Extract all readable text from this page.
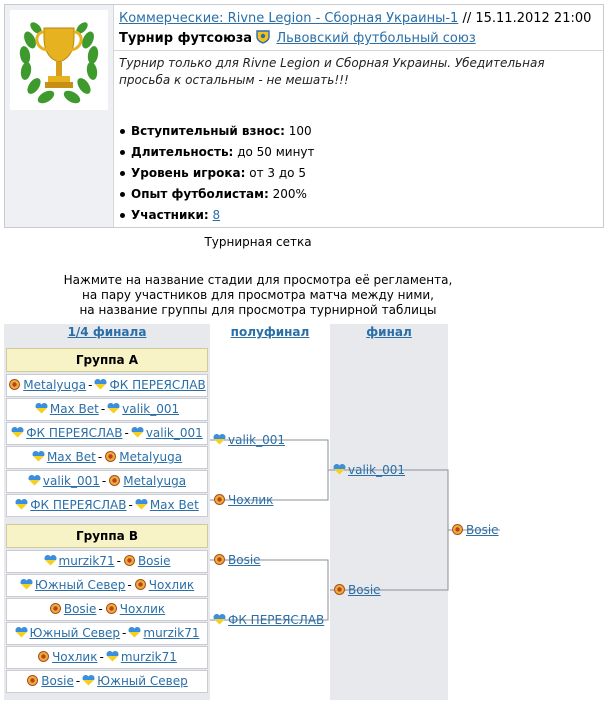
Коммерческие: Rivne Legion - Сборная Украины-1 // 15.11.2012 21:00
Турнир футсоюза Львовский футбольный союз
Турнир только для Rivne Legion и Сборная Украины. Убедительная просьба к остальным - не мешать!!!
Вступительный взнос: 100
Длительность: до 50 минут
Уровень игрока: от 3 до 5
Опыт футболистам: 200%
Участники: 8
Турнирная сетка
Нажмите на название стадии для просмотра её регламента,
на пару участников для просмотра матча между ними,
на название группы для просмотра турнирной таблицы
1/4 финала	полуфинал	финал
Группа А
Metalyuga - ФК ПЕРЕЯСЛАВ
Max Bet - valik_001
ФК ПЕРЕЯСЛАВ - valik_001
Max Bet - Metalyuga
valik_001 - Metalyuga
ФК ПЕРЕЯСЛАВ - Max Bet
Группа В
murzik71 - Bosie
Южный Север - Чохлик
Bosie - Чохлик
Южный Север - murzik71
Чохлик - murzik71
Bosie - Южный Север
valik_001
Чохлик
Bosie
ФК ПЕРЕЯСЛАВ
valik_001
Bosie
Bosie
